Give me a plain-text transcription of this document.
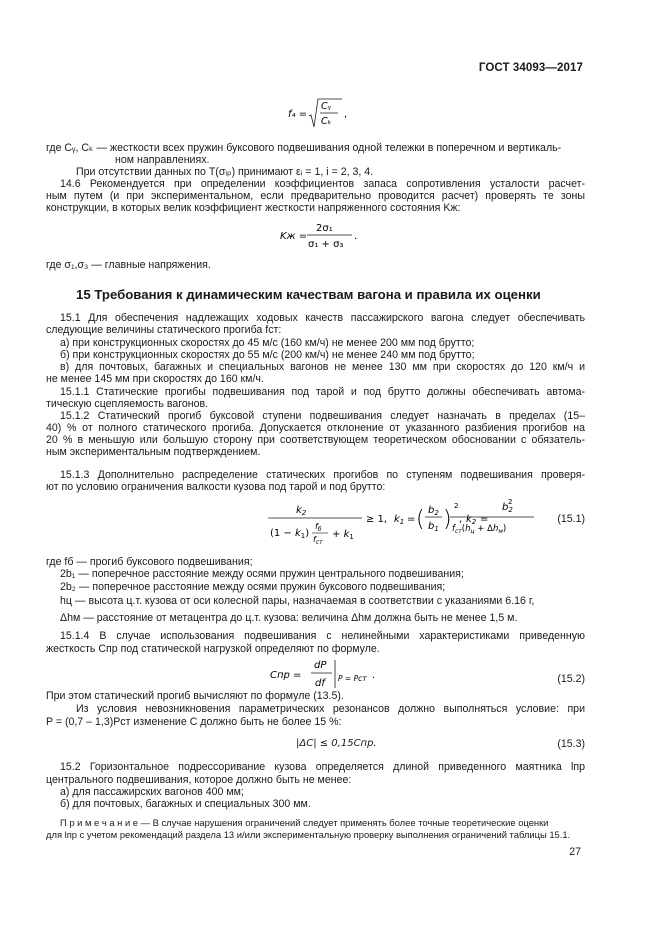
ГОСТ 34093—2017
f₄ =
Cᵧ
Cₖ
,
где Cᵧ, Cₖ — жесткости всех пружин буксового подвешивания одной тележки в поперечном и вертикаль-
ном направлениях.
При отсутствии данных по T(σᵢₚ) принимают εᵢ = 1, i = 2, 3, 4.
14.6 Рекомендуется при определении коэффициентов запаса сопротивления усталости расчет-
ным путем (и при экспериментальном, если предварительно проводится расчет) проверять те зоны
конструкции, в которых велик коэффициент жесткости напряженного состояния Kж:
Kж =
2σ₁
σ₁ + σ₃
.
где σ₁,σ₃ — главные напряжения.
15 Требования к динамическим качествам вагона и правила их оценки
15.1 Для обеспечения надлежащих ходовых качеств пассажирского вагона следует обеспечивать
следующие величины статического прогиба fст:
а) при конструкционных скоростях до 45 м/с (160 км/ч) не менее 200 мм под брутто;
б) при конструкционных скоростях до 55 м/с (200 км/ч) не менее 240 мм под брутто;
в) для почтовых, багажных и специальных вагонов не менее 130 мм при скоростях до 120 км/ч и
не менее 145 мм при скоростях до 160 км/ч.
15.1.1 Статические прогибы подвешивания под тарой и под брутто должны обеспечивать автома-
тическую сцепляемость вагонов.
15.1.2 Статический прогиб буксовой ступени подвешивания следует назначать в пределах (15–
40) % от полного статического прогиба. Допускается отклонение от указанного разбиения прогибов на
20 % в меньшую или большую сторону при соответствующем теоретическом обосновании с обязатель-
ным экспериментальным подтверждением.
15.1.3 Дополнительно распределение статических прогибов по ступеням подвешивания проверя-
ют по условию ограничения валкости кузова под тарой и под брутто:
$k_2$
$(1 - k_1)$
$f_б$
$f_{ст}$
+ $k_1$
≥ 1, $k_1$ = ( $b_2$
$b_1$ )
2
, $k_2$ =
$b_2$
2
$f_{ст}(h_ц + \Delta h_м)$
(15.1)
где fб — прогиб буксового подвешивания;
2b₁ — поперечное расстояние между осями пружин центрального подвешивания;
2b₂ — поперечное расстояние между осями пружин буксового подвешивания;
hц — высота ц.т. кузова от оси колесной пары, назначаемая в соответствии с указаниями 6.16 г,
Δhм — расстояние от метацентра до ц.т. кузова: величина Δhм должна быть не менее 1,5 м.
15.1.4 В случае использования подвешивания с нелинейными характеристиками приведенную
жесткость Cпр под статической нагрузкой определяют по формуле.
Cпр =
dP
df P = Pст .	(15.2)
При этом статический прогиб вычисляют по формуле (13.5).
Из условия невозникновения параметрических резонансов должно выполняться условие: при
P = (0,7 – 1,3)Pст изменение C должно быть не более 15 %:
|ΔC| ≤ 0,15Cпр.	(15.3)
15.2 Горизонтальное подрессоривание кузова определяется длиной приведенного маятника lпр
центрального подвешивания, которое должно быть не менее:
а) для пассажирских вагонов 400 мм;
б) для почтовых, багажных и специальных 300 мм.
П р и м е ч а н и е — В случае нарушения ограничений следует применять более точные теоретические оценки
для lпр с учетом рекомендаций раздела 13 и/или экспериментальную проверку выполнения ограничений таблицы 15.1.
27
